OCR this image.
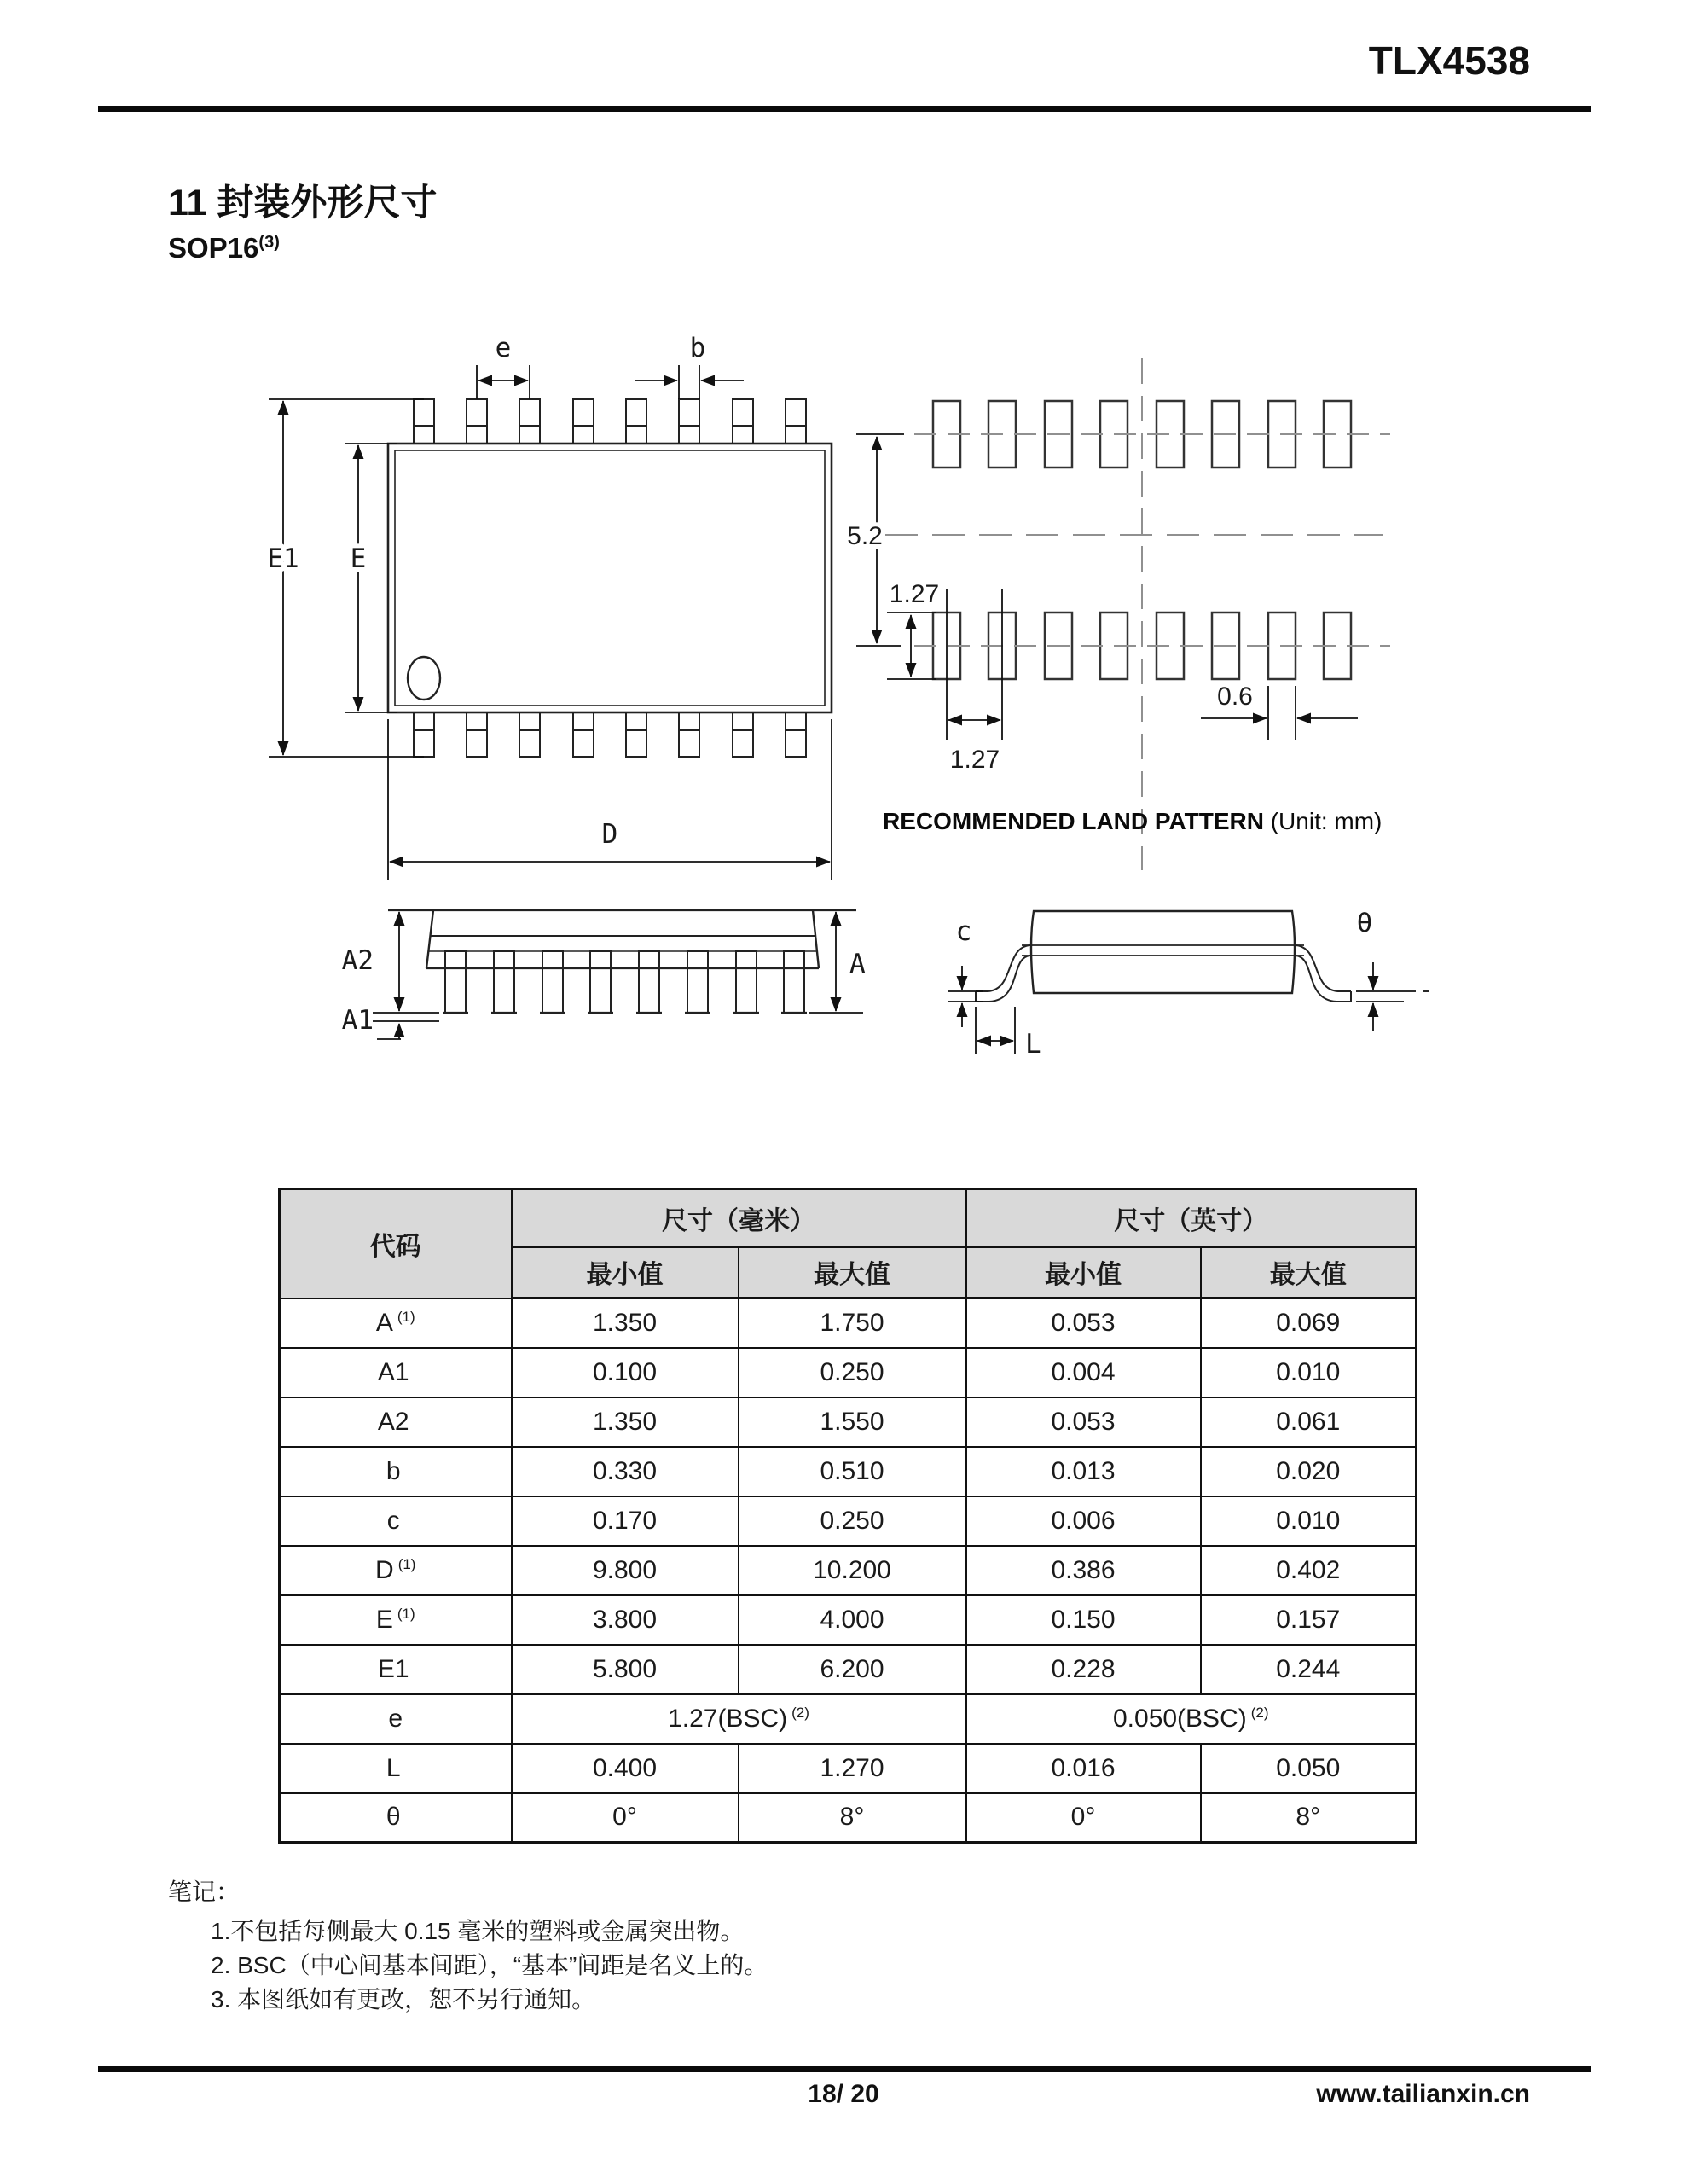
TLX4538
11 封装外形尺寸
SOP16$^{(3)}$
e	b
E1 E
D
5.2
1.27
1.27
0.6
RECOMMENDED LAND PATTERN (Unit: mm)
A2
A1
A
c
L
θ
代码	尺寸（毫米）		尺寸（英寸）	
	最小值	最大值	最小值	最大值
A $^{(1)}$	1.350	1.750	0.053	0.069
A1	0.100	0.250	0.004	0.010
A2	1.350	1.550	0.053	0.061
b	0.330	0.510	0.013	0.020
c	0.170	0.250	0.006	0.010
D $^{(1)}$	9.800	10.200	0.386	0.402
E $^{(1)}$	3.800	4.000	0.150	0.157
E1	5.800	6.200	0.228	0.244
e	1.27(BSC) $^{(2)}$		0.050(BSC) $^{(2)}$
L	0.400	1.270	0.016	0.050
θ	0°	8°	0°	8°
笔记：
1.不包括每侧最大 0.15 毫米的塑料或金属突出物。
2. BSC（中心间基本间距），“基本”间距是名义上的。
3. 本图纸如有更改，恕不另行通知。
18/ 20	www.tailianxin.cn
